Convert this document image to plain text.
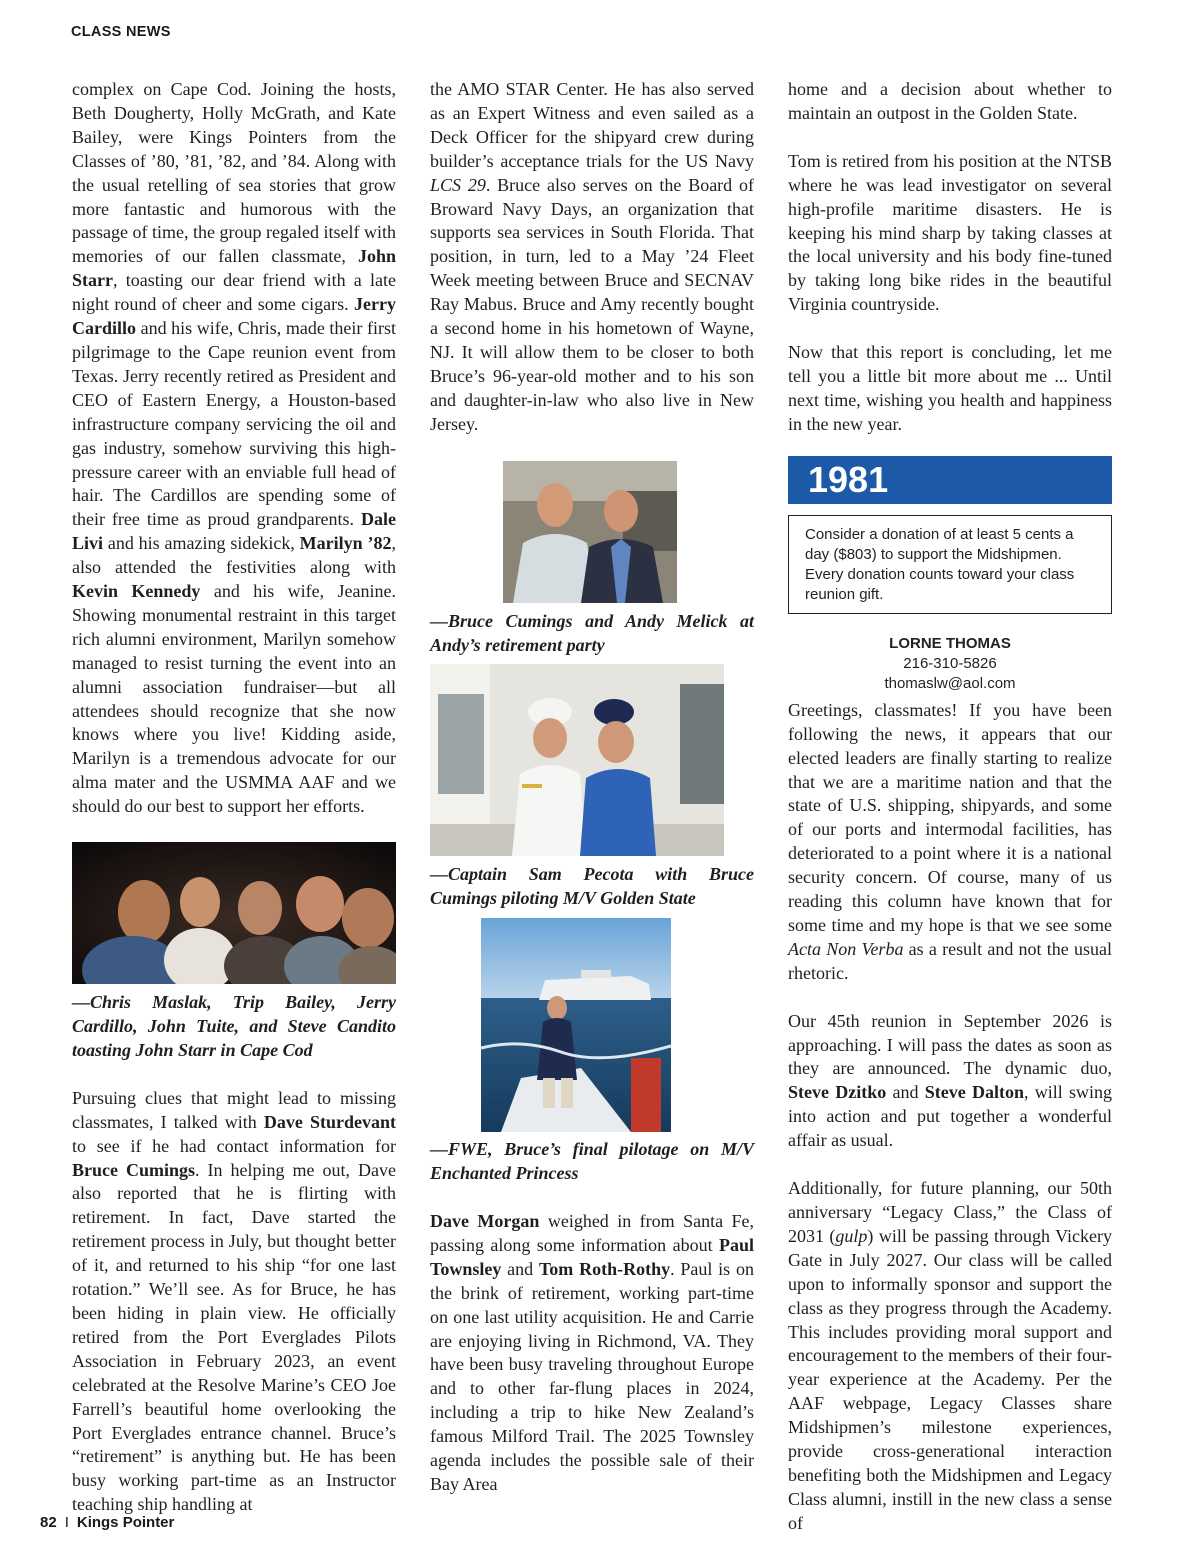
CLASS NEWS

complex on Cape Cod. Joining the hosts, Beth Dougherty, Holly McGrath, and Kate Bailey, were Kings Pointers from the Classes of ’80, ’81, ’82, and ’84. Along with the usual retelling of sea stories that grow more fantastic and humorous with the passage of time, the group regaled itself with memories of our fallen classmate, John Starr, toasting our dear friend with a late night round of cheer and some cigars. Jerry Cardillo and his wife, Chris, made their first pilgrimage to the Cape reunion event from Texas. Jerry recently retired as President and CEO of Eastern Energy, a Houston-based infrastructure company servicing the oil and gas industry, somehow surviving this high-pressure career with an enviable full head of hair. The Cardillos are spending some of their free time as proud grandparents. Dale Livi and his amazing sidekick, Marilyn ’82, also attended the festivities along with Kevin Kennedy and his wife, Jeanine. Showing monumental restraint in this target rich alumni environment, Marilyn somehow managed to resist turning the event into an alumni association fundraiser—but all attendees should recognize that she now knows where you live! Kidding aside, Marilyn is a tremendous advocate for our alma mater and the USMMA AAF and we should do our best to support her efforts.

—Chris Maslak, Trip Bailey, Jerry Cardillo, John Tuite, and Steve Candito toasting John Starr in Cape Cod

Pursuing clues that might lead to missing classmates, I talked with Dave Sturdevant to see if he had contact information for Bruce Cumings. In helping me out, Dave also reported that he is flirting with retirement. In fact, Dave started the retirement process in July, but thought better of it, and returned to his ship “for one last rotation.” We’ll see. As for Bruce, he has been hiding in plain view. He officially retired from the Port Everglades Pilots Association in February 2023, an event celebrated at the Resolve Marine’s CEO Joe Farrell’s beautiful home overlooking the Port Everglades entrance channel. Bruce’s “retirement” is anything but. He has been busy working part-time as an Instructor teaching ship handling at

the AMO STAR Center. He has also served as an Expert Witness and even sailed as a Deck Officer for the shipyard crew during builder’s acceptance trials for the US Navy LCS 29. Bruce also serves on the Board of Broward Navy Days, an organization that supports sea services in South Florida. That position, in turn, led to a May ’24 Fleet Week meeting between Bruce and SECNAV Ray Mabus. Bruce and Amy recently bought a second home in his hometown of Wayne, NJ. It will allow them to be closer to both Bruce’s 96-year-old mother and to his son and daughter-in-law who also live in New Jersey.

—Bruce Cumings and Andy Melick at Andy’s retirement party

—Captain Sam Pecota with Bruce Cumings piloting M/V Golden State

—FWE, Bruce’s final pilotage on M/V Enchanted Princess

Dave Morgan weighed in from Santa Fe, passing along some information about Paul Townsley and Tom Roth-Rothy. Paul is on the brink of retirement, working part-time on one last utility acquisition. He and Carrie are enjoying living in Richmond, VA. They have been busy traveling throughout Europe and to other far-flung places in 2024, including a trip to hike New Zealand’s famous Milford Trail. The 2025 Townsley agenda includes the possible sale of their Bay Area

home and a decision about whether to maintain an outpost in the Golden State.

Tom is retired from his position at the NTSB where he was lead investigator on several high-profile maritime disasters. He is keeping his mind sharp by taking classes at the local university and his body fine-tuned by taking long bike rides in the beautiful Virginia countryside.

Now that this report is concluding, let me tell you a little bit more about me ... Until next time, wishing you health and happiness in the new year.

1981
Consider a donation of at least 5 cents a day ($803) to support the Midshipmen. Every donation counts toward your class reunion gift.
LORNE THOMAS
216-310-5826
thomaslw@aol.com

Greetings, classmates! If you have been following the news, it appears that our elected leaders are finally starting to realize that we are a maritime nation and that the state of U.S. shipping, shipyards, and some of our ports and intermodal facilities, has deteriorated to a point where it is a national security concern. Of course, many of us reading this column have known that for some time and my hope is that we see some Acta Non Verba as a result and not the usual rhetoric.

Our 45th reunion in September 2026 is approaching. I will pass the dates as soon as they are announced. The dynamic duo, Steve Dzitko and Steve Dalton, will swing into action and put together a wonderful affair as usual.

Additionally, for future planning, our 50th anniversary “Legacy Class,” the Class of 2031 (gulp) will be passing through Vickery Gate in July 2027. Our class will be called upon to informally sponsor and support the class as they progress through the Academy. This includes providing moral support and encouragement to the members of their four-year experience at the Academy. Per the AAF webpage, Legacy Classes share Midshipmen’s milestone experiences, provide cross-generational interaction benefiting both the Midshipmen and Legacy Class alumni, instill in the new class a sense of

82 I Kings Pointer
